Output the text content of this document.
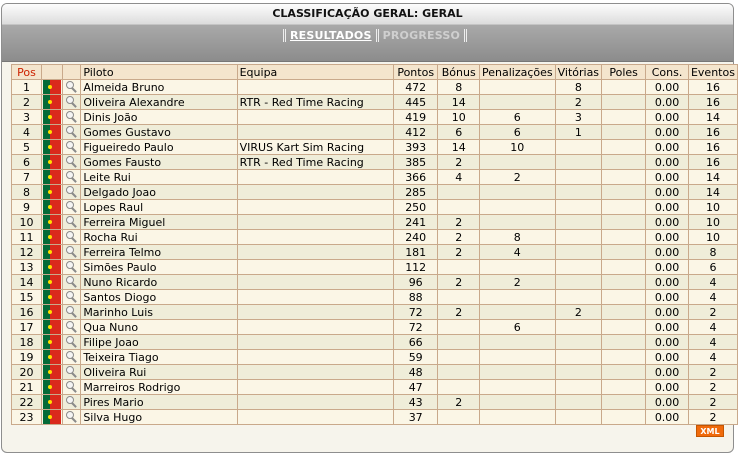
CLASSIFICAÇÃO GERAL: GERAL
RESULTADOS PROGRESSO
Pos			Piloto	Equipa	Pontos	Bónus	Penalizações	Vitórias	Poles	Cons.	Eventos
1			Almeida Bruno		472	8		8		0.00	16
2			Oliveira Alexandre	RTR - Red Time Racing	445	14		2		0.00	16
3			Dinis João		419	10	6	3		0.00	14
4			Gomes Gustavo		412	6	6	1		0.00	16
5			Figueiredo Paulo	VIRUS Kart Sim Racing	393	14	10			0.00	16
6			Gomes Fausto	RTR - Red Time Racing	385	2				0.00	16
7			Leite Rui		366	4	2			0.00	14
8			Delgado Joao		285					0.00	14
9			Lopes Raul		250					0.00	10
10			Ferreira Miguel		241	2				0.00	10
11			Rocha Rui		240	2	8			0.00	10
12			Ferreira Telmo		181	2	4			0.00	8
13			Simões Paulo		112					0.00	6
14			Nuno Ricardo		96	2	2			0.00	4
15			Santos Diogo		88					0.00	4
16			Marinho Luis		72	2		2		0.00	2
17			Qua Nuno		72		6			0.00	4
18			Filipe Joao		66					0.00	4
19			Teixeira Tiago		59					0.00	4
20			Oliveira Rui		48					0.00	2
21			Marreiros Rodrigo		47					0.00	2
22			Pires Mario		43	2				0.00	2
23			Silva Hugo		37					0.00	2
XML
